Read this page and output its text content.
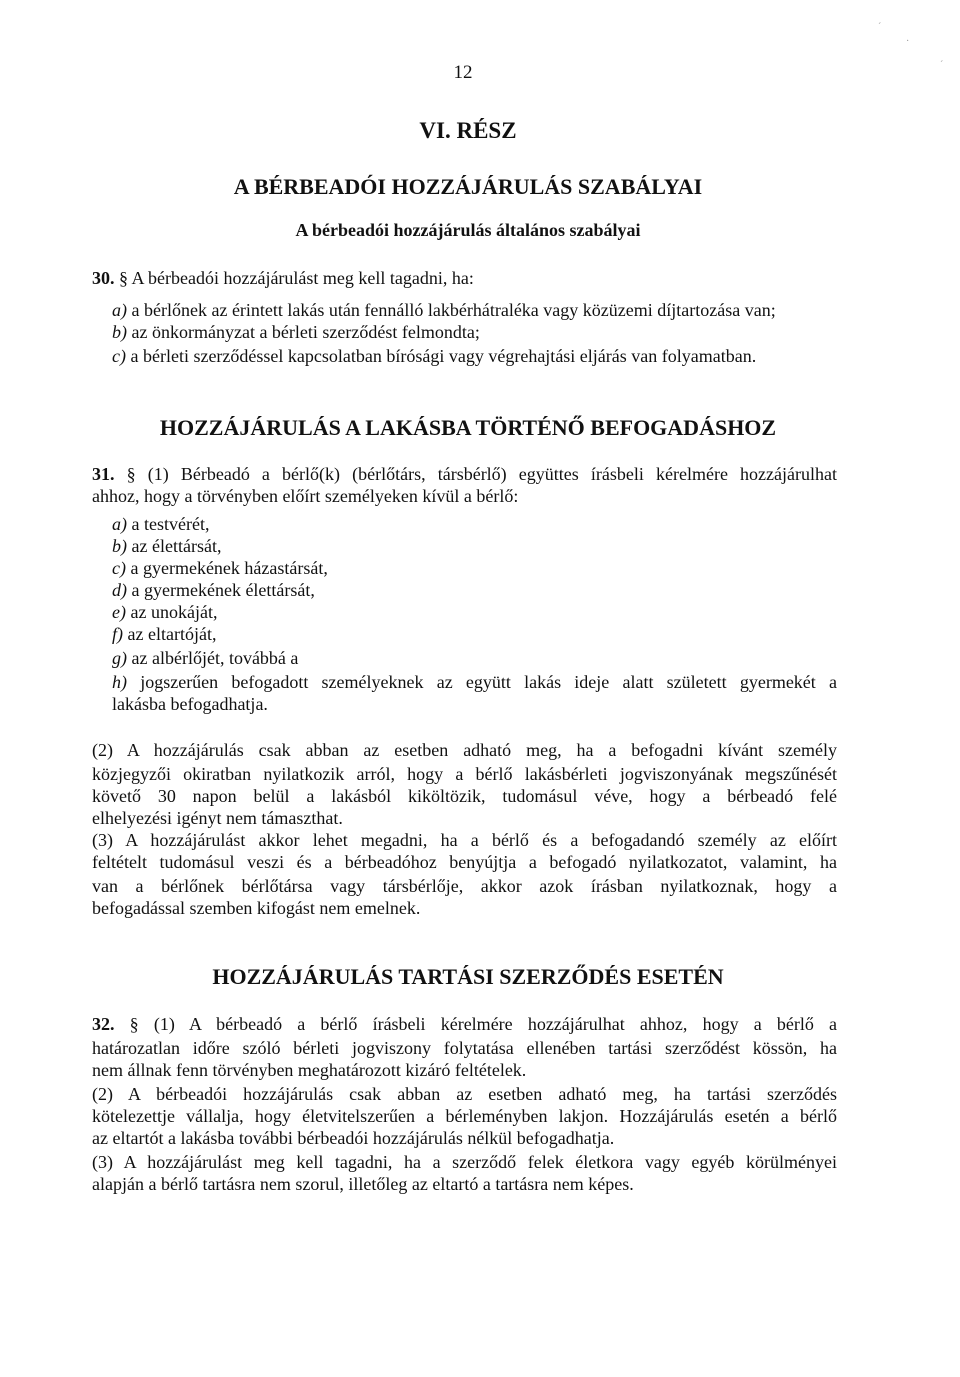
ˊ
·
ˊ
12
VI. RÉSZ
A BÉRBEADÓI HOZZÁJÁRULÁS SZABÁLYAI
A bérbeadói hozzájárulás általános szabályai
30. § A bérbeadói hozzájárulást meg kell tagadni, ha:
a) a bérlőnek az érintett lakás után fennálló lakbérhátraléka vagy közüzemi díjtartozása van;
b) az önkormányzat a bérleti szerződést felmondta;
c) a bérleti szerződéssel kapcsolatban bírósági vagy végrehajtási eljárás van folyamatban.
HOZZÁJÁRULÁS A LAKÁSBA TÖRTÉNŐ BEFOGADÁSHOZ
31. § (1) Bérbeadó a bérlő(k) (bérlőtárs, társbérlő) együttes írásbeli kérelmére hozzájárulhat
ahhoz, hogy a törvényben előírt személyeken kívül a bérlő:
a) a testvérét,
b) az élettársát,
c) a gyermekének házastársát,
d) a gyermekének élettársát,
e) az unokáját,
f) az eltartóját,
g) az albérlőjét, továbbá a
h) jogszerűen befogadott személyeknek az együtt lakás ideje alatt született gyermekét a
lakásba befogadhatja.
(2) A hozzájárulás csak abban az esetben adható meg, ha a befogadni kívánt személy
közjegyzői okiratban nyilatkozik arról, hogy a bérlő lakásbérleti jogviszonyának megszűnését
követő 30 napon belül a lakásból kiköltözik, tudomásul véve, hogy a bérbeadó felé
elhelyezési igényt nem támaszthat.
(3) A hozzájárulást akkor lehet megadni, ha a bérlő és a befogadandó személy az előírt
feltételt tudomásul veszi és a bérbeadóhoz benyújtja a befogadó nyilatkozatot, valamint, ha
van a bérlőnek bérlőtársa vagy társbérlője, akkor azok írásban nyilatkoznak, hogy a
befogadással szemben kifogást nem emelnek.
HOZZÁJÁRULÁS TARTÁSI SZERZŐDÉS ESETÉN
32. § (1) A bérbeadó a bérlő írásbeli kérelmére hozzájárulhat ahhoz, hogy a bérlő a
határozatlan időre szóló bérleti jogviszony folytatása ellenében tartási szerződést kössön, ha
nem állnak fenn törvényben meghatározott kizáró feltételek.
(2) A bérbeadói hozzájárulás csak abban az esetben adható meg, ha tartási szerződés
kötelezettje vállalja, hogy életvitelszerűen a bérleményben lakjon. Hozzájárulás esetén a bérlő
az eltartót a lakásba további bérbeadói hozzájárulás nélkül befogadhatja.
(3) A hozzájárulást meg kell tagadni, ha a szerződő felek életkora vagy egyéb körülményei
alapján a bérlő tartásra nem szorul, illetőleg az eltartó a tartásra nem képes.
